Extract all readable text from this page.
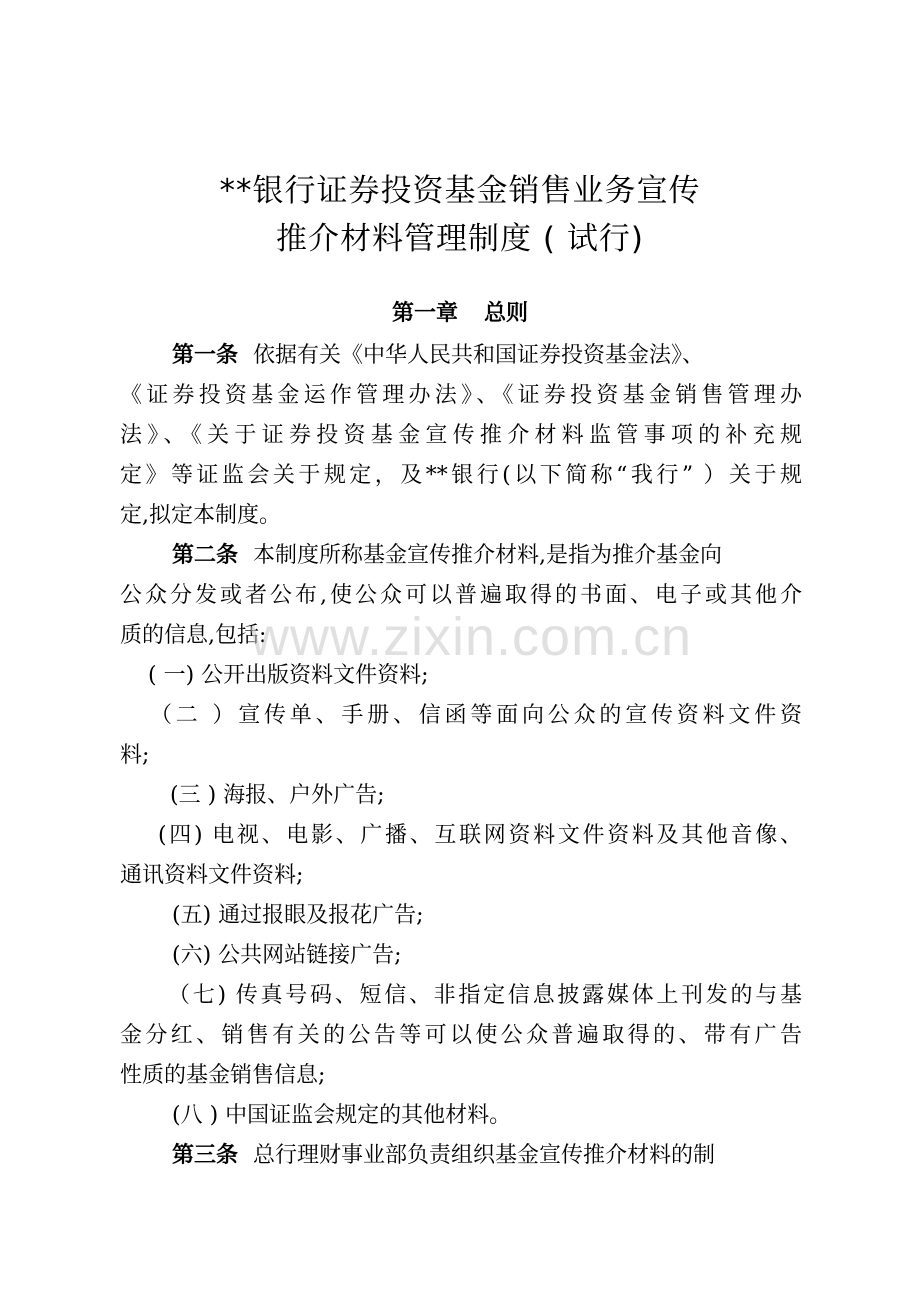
**银行证券投资基金销售业务宣传
推介材料管理制度 ( 试行)
第一章 总则
第一条 依据有关《中华人民共和国证券投资基金法》、
《证券投资基金运作管理办法》、《证券投资基金销售管理办
法》、《关于证券投资基金宣传推介材料监管事项的补充规
定》等证监会关于规定，及**银行(以下简称“我行” ）关于规
定,拟定本制度。
第二条 本制度所称基金宣传推介材料,是指为推介基金向
公众分发或者公布,使公众可以普遍取得的书面、电子或其他介
质的信息,包括:
( 一) 公开出版资料文件资料;
（二 ）宣传单、手册、信函等面向公众的宣传资料文件资
料;
(三 ) 海报、户外广告;
(四) 电视、电影、广播、互联网资料文件资料及其他音像、
通讯资料文件资料;
(五) 通过报眼及报花广告;
(六) 公共网站链接广告;
（七) 传真号码、短信、非指定信息披露媒体上刊发的与基
金分红、销售有关的公告等可以使公众普遍取得的、带有广告
性质的基金销售信息;
(八 ) 中国证监会规定的其他材料。
第三条 总行理财事业部负责组织基金宣传推介材料的制
www.zixin.com.cn
